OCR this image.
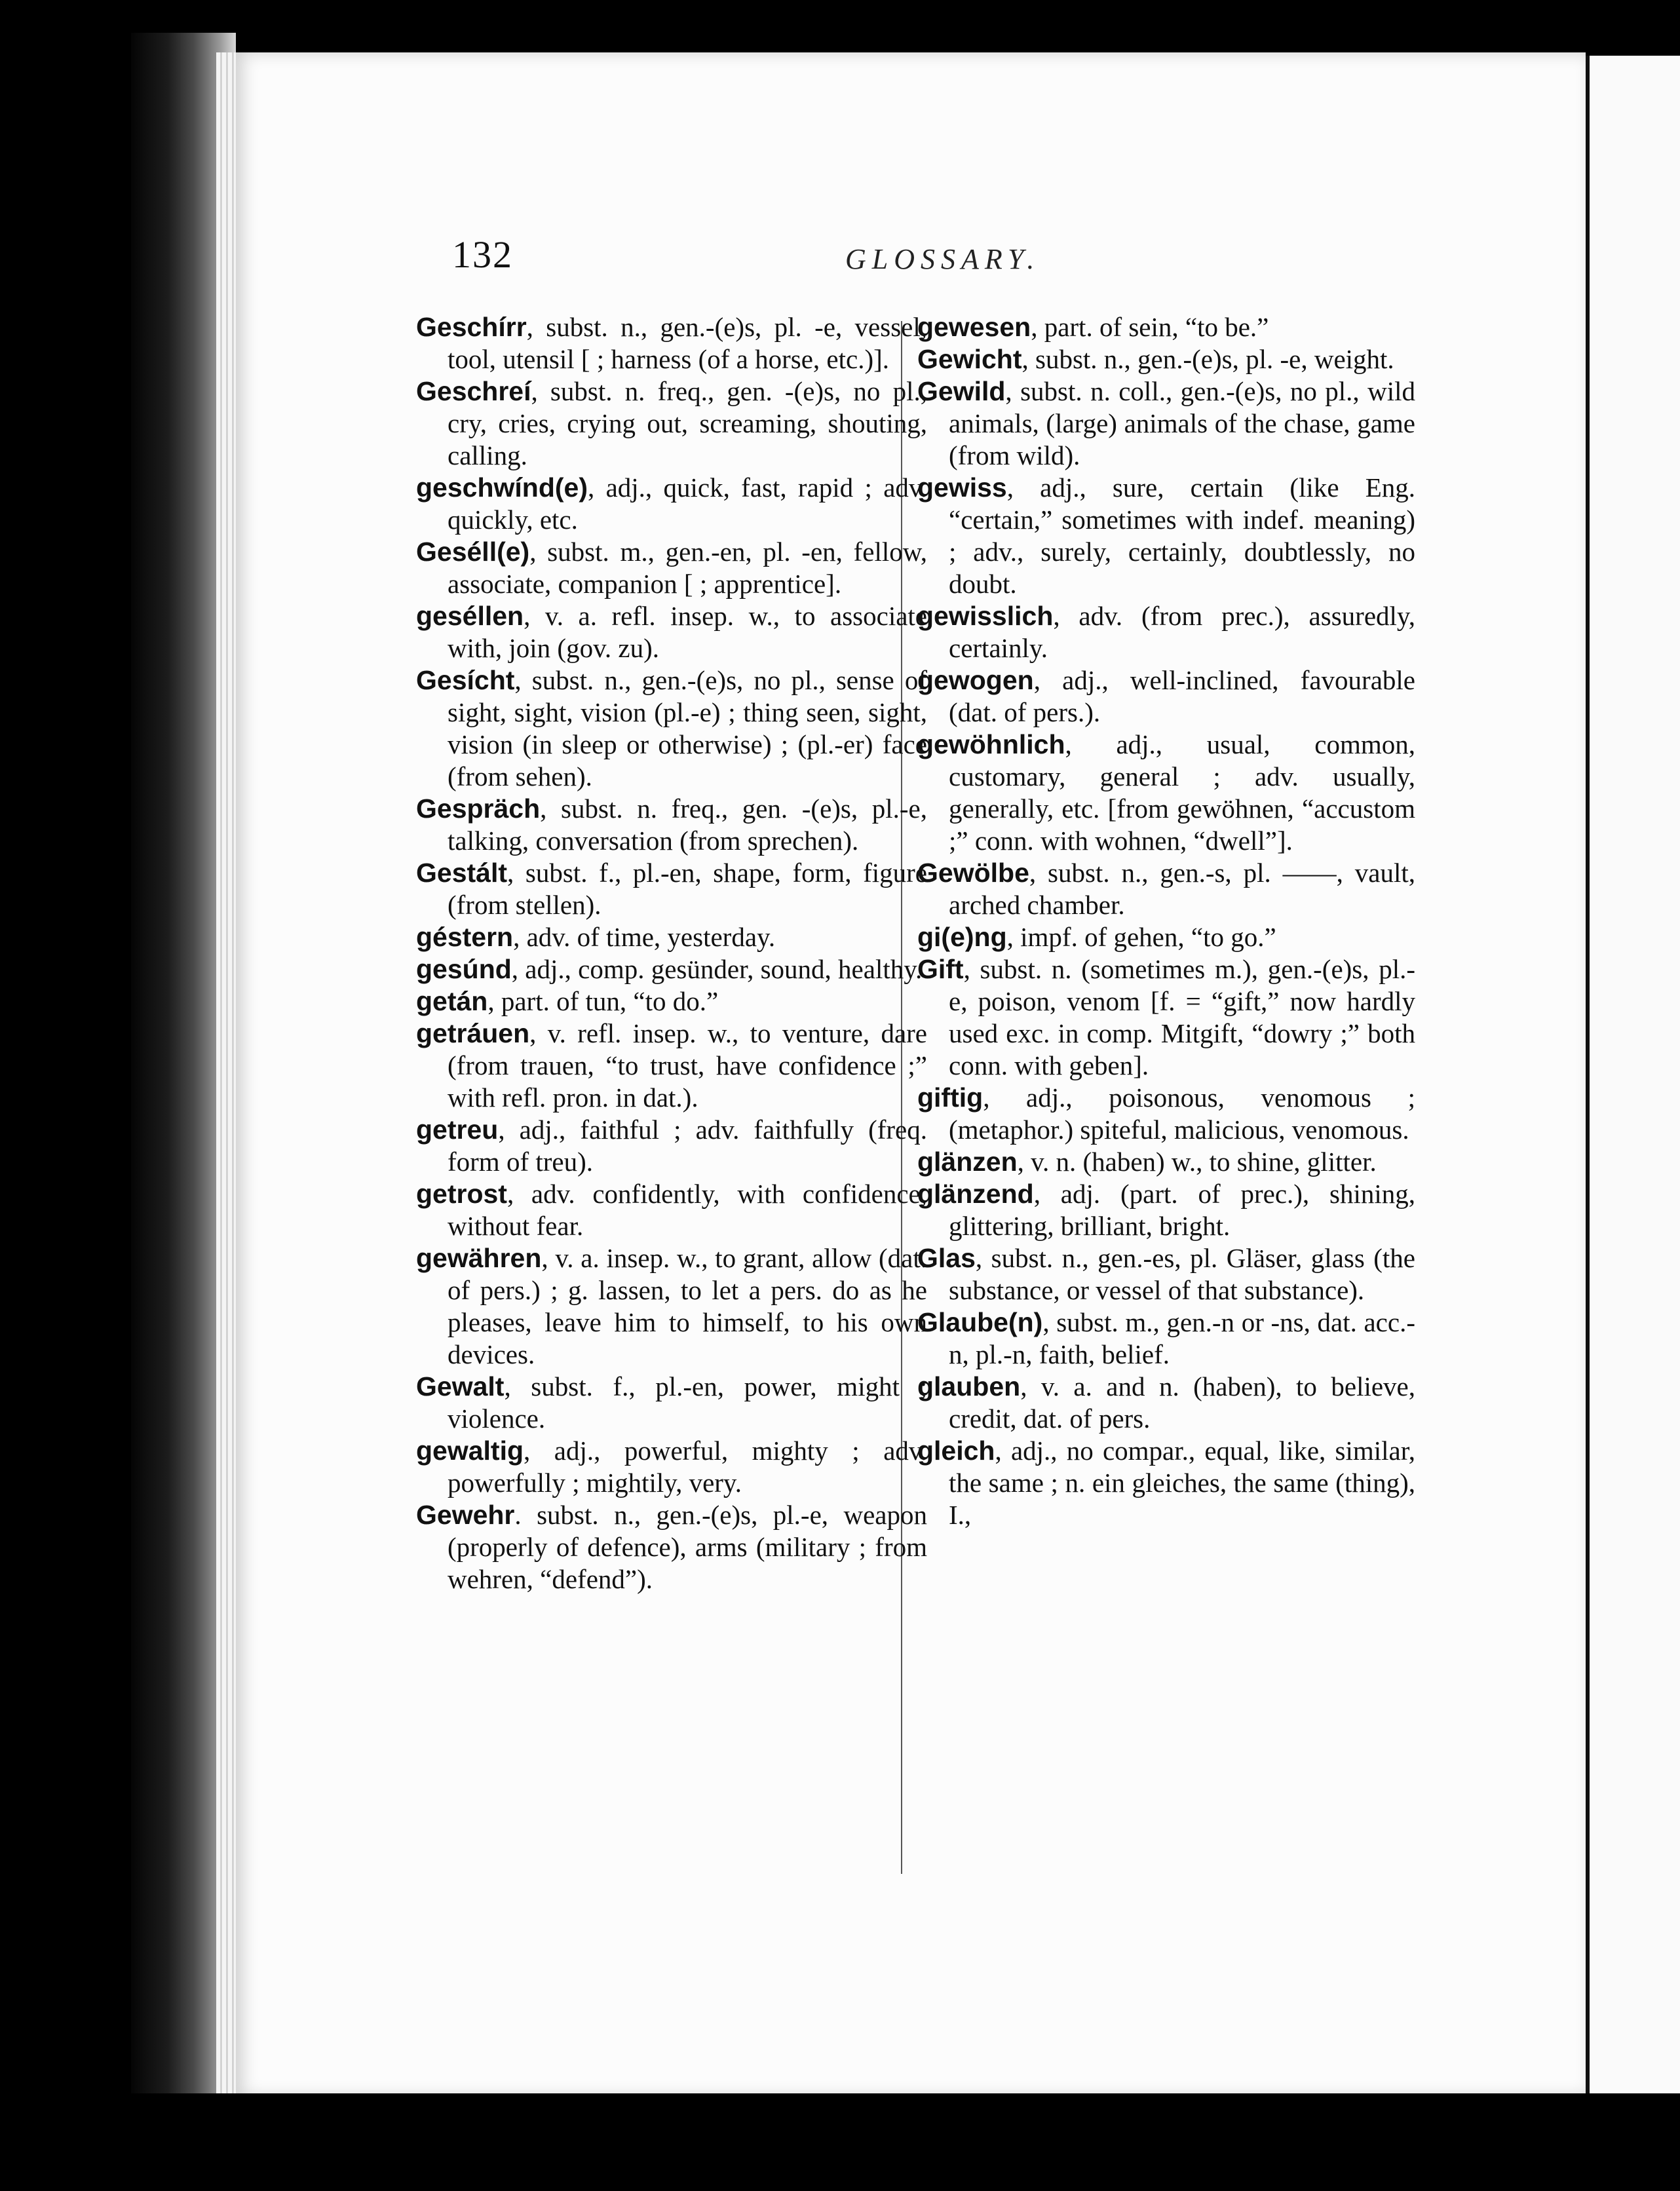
132	GLOSSARY.

Geschírr, subst. n., gen.-(e)s, pl. -e, vessel, tool, utensil [ ; harness (of a horse, etc.)].

Geschreí, subst. n. freq., gen. -(e)s, no pl., cry, cries, crying out, screaming, shouting, calling.

geschwínd(e), adj., quick, fast, rapid ; adv. quickly, etc.

Geséll(e), subst. m., gen.-en, pl. -en, fellow, associate, companion [ ; apprentice].

geséllen, v. a. refl. insep. w., to associate with, join (gov. zu).

Gesícht, subst. n., gen.-(e)s, no pl., sense of sight, sight, vision (pl.-e) ; thing seen, sight, vision (in sleep or otherwise) ; (pl.-er) face (from sehen).

Gespräch, subst. n. freq., gen. -(e)s, pl.-e, talking, conversation (from sprechen).

Gestált, subst. f., pl.-en, shape, form, figure (from stellen).

géstern, adv. of time, yesterday.

gesúnd, adj., comp. gesünder, sound, healthy.

getán, part. of tun, “to do.”

getráuen, v. refl. insep. w., to venture, dare (from trauen, “to trust, have confidence ;” with refl. pron. in dat.).

getreu, adj., faithful ; adv. faithfully (freq. form of treu).

getrost, adv. confidently, with confidence, without fear.

gewähren, v. a. insep. w., to grant, allow (dat. of pers.) ; g. lassen, to let a pers. do as he pleases, leave him to himself, to his own devices.

Gewalt, subst. f., pl.-en, power, might ; violence.

gewaltig, adj., powerful, mighty ; adv. powerfully ; mightily, very.

Gewehr. subst. n., gen.-(e)s, pl.-e, weapon (properly of defence), arms (military ; from wehren, “defend”).

gewesen, part. of sein, “to be.”

Gewicht, subst. n., gen.-(e)s, pl. -e, weight.

Gewild, subst. n. coll., gen.-(e)s, no pl., wild animals, (large) animals of the chase, game (from wild).

gewiss, adj., sure, certain (like Eng. “certain,” sometimes with indef. meaning) ; adv., surely, certainly, doubtlessly, no doubt.

gewisslich, adv. (from prec.), assuredly, certainly.

gewogen, adj., well-inclined, favourable (dat. of pers.).

gewöhnlich, adj., usual, common, customary, general ; adv. usually, generally, etc. [from gewöhnen, “accustom ;” conn. with wohnen, “dwell”].

Gewölbe, subst. n., gen.-s, pl. ——, vault, arched chamber.

gi(e)ng, impf. of gehen, “to go.”

Gift, subst. n. (sometimes m.), gen.-(e)s, pl.-e, poison, venom [f. = “gift,” now hardly used exc. in comp. Mitgift, “dowry ;” both conn. with geben].

giftig, adj., poisonous, venomous ; (metaphor.) spiteful, malicious, venomous.

glänzen, v. n. (haben) w., to shine, glitter.

glänzend, adj. (part. of prec.), shining, glittering, brilliant, bright.

Glas, subst. n., gen.-es, pl. Gläser, glass (the substance, or vessel of that substance).

Glaube(n), subst. m., gen.-n or -ns, dat. acc.-n, pl.-n, faith, belief.

glauben, v. a. and n. (haben), to believe, credit, dat. of pers.

gleich, adj., no compar., equal, like, similar, the same ; n. ein gleiches, the same (thing), I.,
